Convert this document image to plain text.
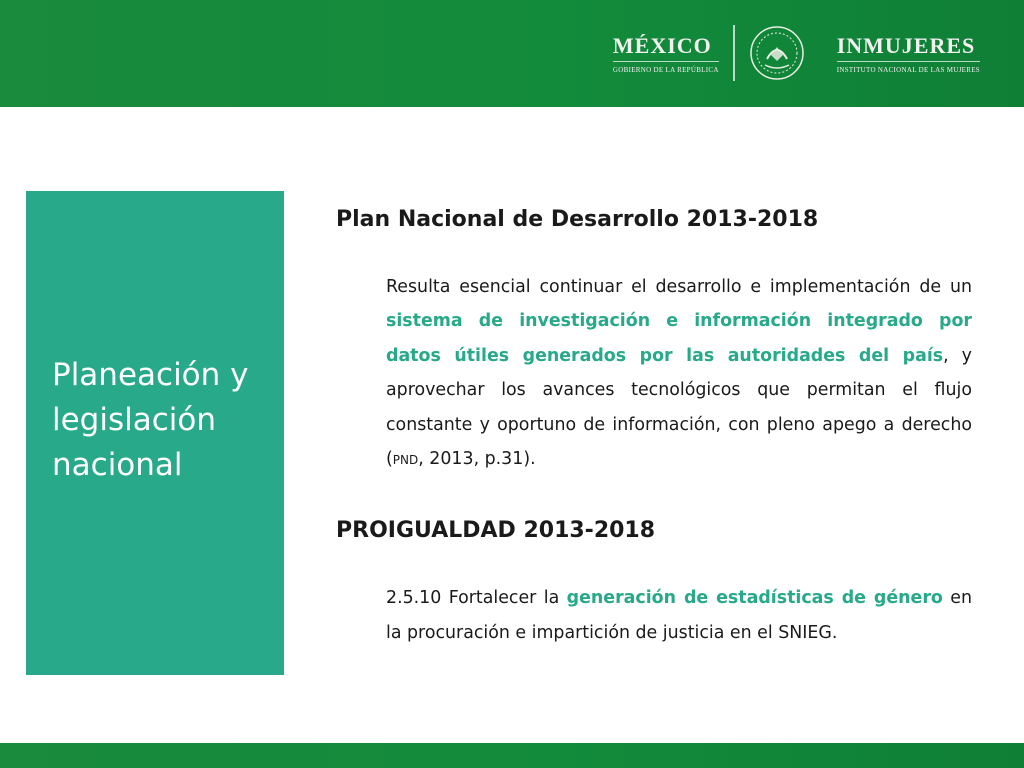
MÉXICO
GOBIERNO DE LA REPÚBLICA
INMUJERES
INSTITUTO NACIONAL DE LAS MUJERES
Planeación y legislación nacional
Plan Nacional de Desarrollo 2013-2018

Resulta esencial continuar el desarrollo e implementación de un sistema de investigación e información integrado por datos útiles generados por las autoridades del país, y aprovechar los avances tecnológicos que permitan el flujo constante y oportuno de información, con pleno apego a derecho (PND, 2013, p.31).

PROIGUALDAD 2013-2018

2.5.10 Fortalecer la generación de estadísticas de género en la procuración e impartición de justicia en el SNIEG.
